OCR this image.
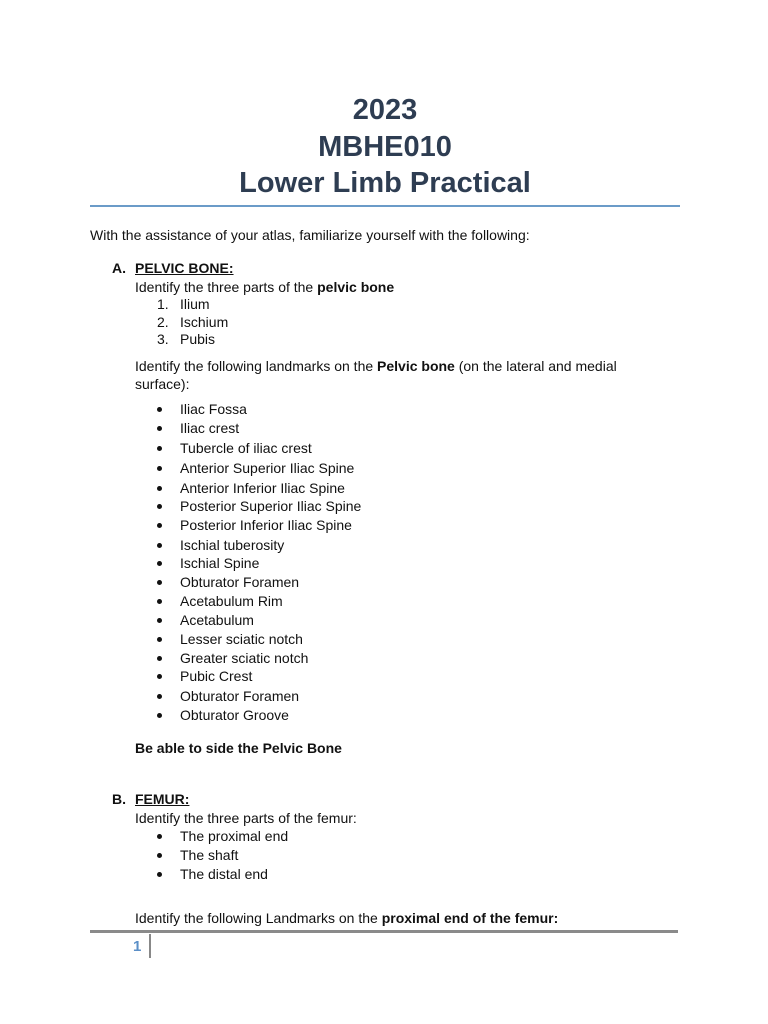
2023
MBHE010
Lower Limb Practical
With the assistance of your atlas, familiarize yourself with the following:
A. PELVIC BONE:
Identify the three parts of the pelvic bone
1. Ilium
2. Ischium
3. Pubis
Identify the following landmarks on the Pelvic bone (on the lateral and medial surface):
Iliac Fossa
Iliac crest
Tubercle of iliac crest
Anterior Superior Iliac Spine
Anterior Inferior Iliac Spine
Posterior Superior Iliac Spine
Posterior Inferior Iliac Spine
Ischial tuberosity
Ischial Spine
Obturator Foramen
Acetabulum Rim
Acetabulum
Lesser sciatic notch
Greater sciatic notch
Pubic Crest
Obturator Foramen
Obturator Groove
Be able to side the Pelvic Bone
B. FEMUR:
Identify the three parts of the femur:
The proximal end
The shaft
The distal end
Identify the following Landmarks on the proximal end of the femur:
1
